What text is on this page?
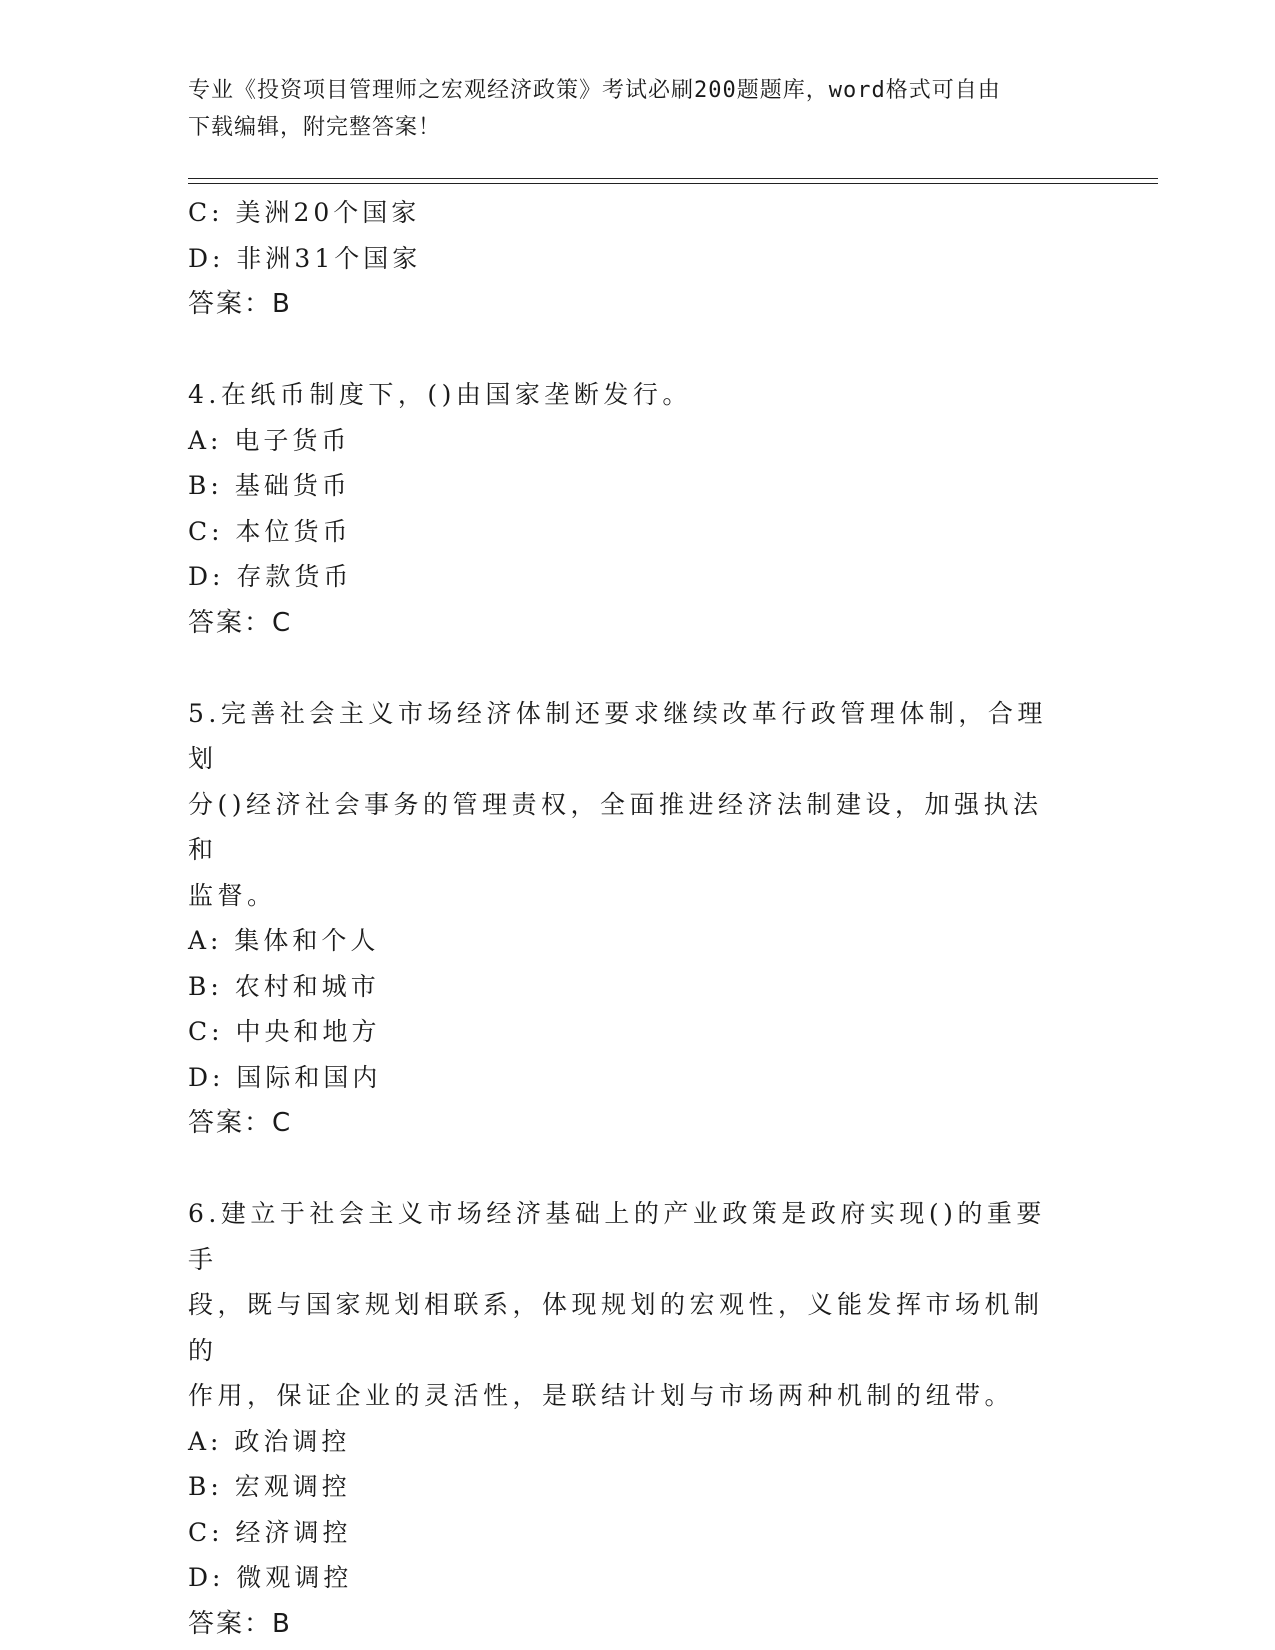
专业《投资项目管理师之宏观经济政策》考试必刷200题题库，word格式可自由
下载编辑，附完整答案！
C: 美洲20个国家
D: 非洲31个国家
答案：B
4.在纸币制度下，()由国家垄断发行。
A: 电子货币
B: 基础货币
C: 本位货币
D: 存款货币
答案：C
5.完善社会主义市场经济体制还要求继续改革行政管理体制，合理划
分()经济社会事务的管理责权，全面推进经济法制建设，加强执法和
监督。
A: 集体和个人
B: 农村和城市
C: 中央和地方
D: 国际和国内
答案：C
6.建立于社会主义市场经济基础上的产业政策是政府实现()的重要手
段，既与国家规划相联系，体现规划的宏观性，义能发挥市场机制的
作用，保证企业的灵活性，是联结计划与市场两种机制的纽带。
A: 政治调控
B: 宏观调控
C: 经济调控
D: 微观调控
答案：B
